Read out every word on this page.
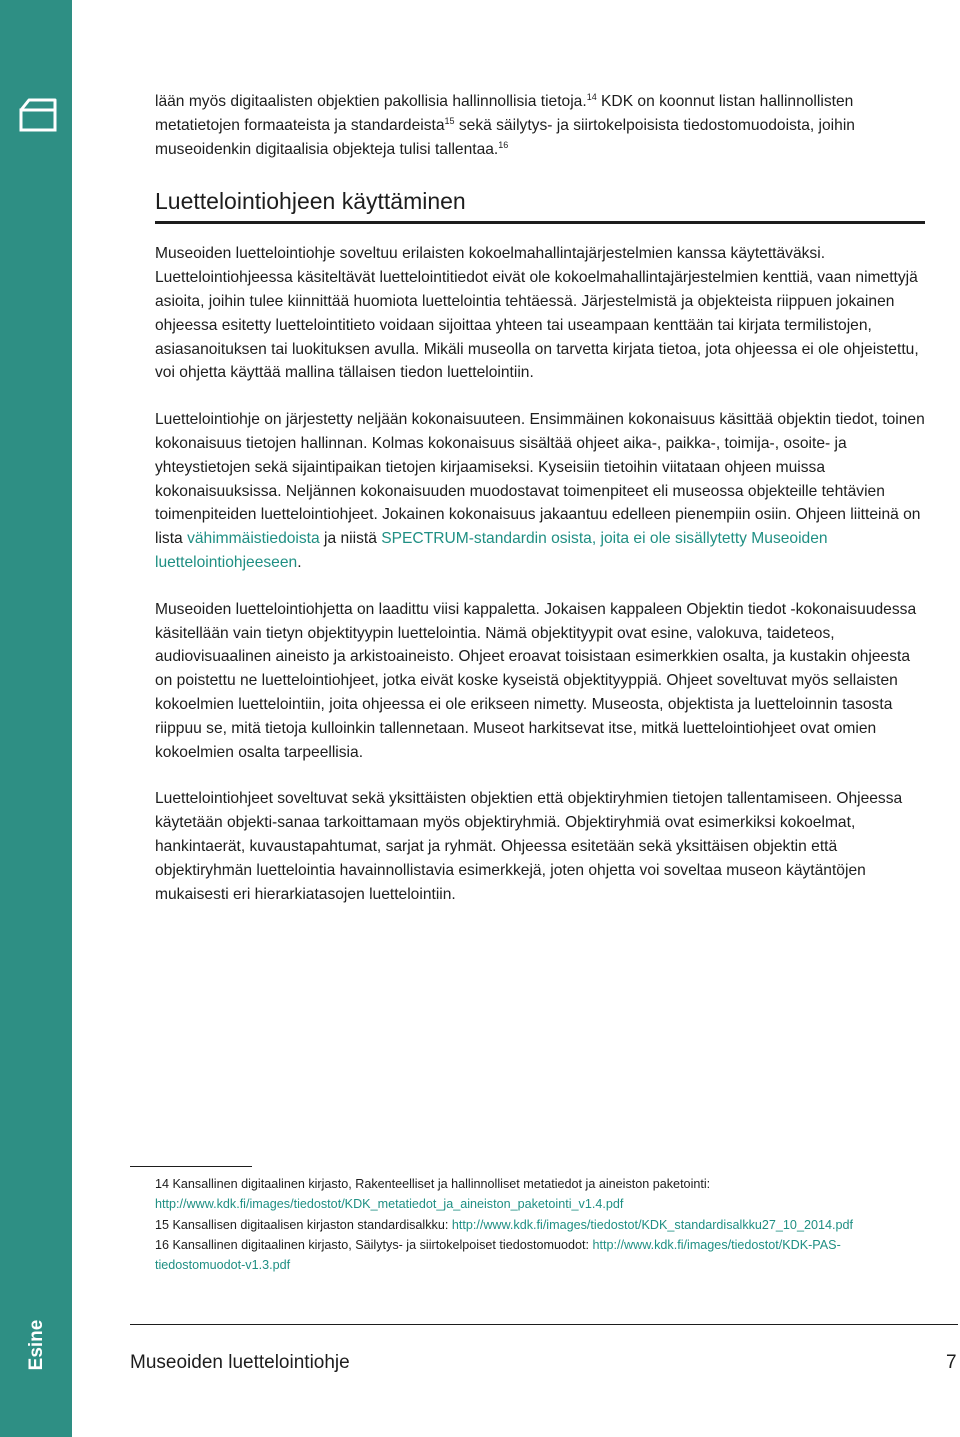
Esine

lään myös digitaalisten objektien pakollisia hallinnollisia tietoja.$^{14}$ KDK on koonnut listan hallinnollisten metatietojen formaateista ja standardeista$^{15}$ sekä säilytys- ja siirtokelpoisista tiedostomuodoista, joihin museoidenkin digitaalisia objekteja tulisi tallentaa.$^{16}$

Luettelointiohjeen käyttäminen

Museoiden luettelointiohje soveltuu erilaisten kokoelmahallintajärjestelmien kanssa käytettäväksi. Luettelointiohjeessa käsiteltävät luettelointitiedot eivät ole kokoelmahallintajärjestelmien kenttiä, vaan nimettyjä asioita, joihin tulee kiinnittää huomiota luettelointia tehtäessä. Järjestelmistä ja objekteista riippuen jokainen ohjeessa esitetty luettelointitieto voidaan sijoittaa yhteen tai useampaan kenttään tai kirjata termilistojen, asiasanoituksen tai luokituksen avulla. Mikäli museolla on tarvetta kirjata tietoa, jota ohjeessa ei ole ohjeistettu, voi ohjetta käyttää mallina tällaisen tiedon luettelointiin.

Luettelointiohje on järjestetty neljään kokonaisuuteen. Ensimmäinen kokonaisuus käsittää objektin tiedot, toinen kokonaisuus tietojen hallinnan. Kolmas kokonaisuus sisältää ohjeet aika-, paikka-, toimija-, osoite- ja yhteystietojen sekä sijaintipaikan tietojen kirjaamiseksi. Kyseisiin tietoihin viitataan ohjeen muissa kokonaisuuksissa. Neljännen kokonaisuuden muodostavat toimenpiteet eli museossa objekteille tehtävien toimenpiteiden luettelointiohjeet. Jokainen kokonaisuus jakaantuu edelleen pienempiin osiin. Ohjeen liitteinä on lista vähimmäistiedoista ja niistä SPECTRUM-standardin osista, joita ei ole sisällytetty Museoiden luettelointiohjeeseen.

Museoiden luettelointiohjetta on laadittu viisi kappaletta. Jokaisen kappaleen Objektin tiedot -kokonaisuudessa käsitellään vain tietyn objektityypin luettelointia. Nämä objektityypit ovat esine, valokuva, taideteos, audiovisuaalinen aineisto ja arkistoaineisto. Ohjeet eroavat toisistaan esimerkkien osalta, ja kustakin ohjeesta on poistettu ne luettelointiohjeet, jotka eivät koske kyseistä objektityyppiä. Ohjeet soveltuvat myös sellaisten kokoelmien luettelointiin, joita ohjeessa ei ole erikseen nimetty. Museosta, objektista ja luetteloinnin tasosta riippuu se, mitä tietoja kulloinkin tallennetaan. Museot harkitsevat itse, mitkä luettelointiohjeet ovat omien kokoelmien osalta tarpeellisia.

Luettelointiohjeet soveltuvat sekä yksittäisten objektien että objektiryhmien tietojen tallentamiseen. Ohjeessa käytetään objekti-sanaa tarkoittamaan myös objektiryhmiä. Objektiryhmiä ovat esimerkiksi kokoelmat, hankintaerät, kuvaustapahtumat, sarjat ja ryhmät. Ohjeessa esitetään sekä yksittäisen objektin että objektiryhmän luettelointia havainnollistavia esimerkkejä, joten ohjetta voi soveltaa museon käytäntöjen mukaisesti eri hierarkiatasojen luettelointiin.

14 Kansallinen digitaalinen kirjasto, Rakenteelliset ja hallinnolliset metatiedot ja aineiston paketointi: http://www.kdk.fi/images/tiedostot/KDK_metatiedot_ja_aineiston_paketointi_v1.4.pdf

15 Kansallisen digitaalisen kirjaston standardisalkku: http://www.kdk.fi/images/tiedostot/KDK_standardisalkku27_10_2014.pdf

16 Kansallinen digitaalinen kirjasto, Säilytys- ja siirtokelpoiset tiedostomuodot: http://www.kdk.fi/images/tiedostot/KDK-PAS-tiedostomuodot-v1.3.pdf

Museoiden luettelointiohje	7
